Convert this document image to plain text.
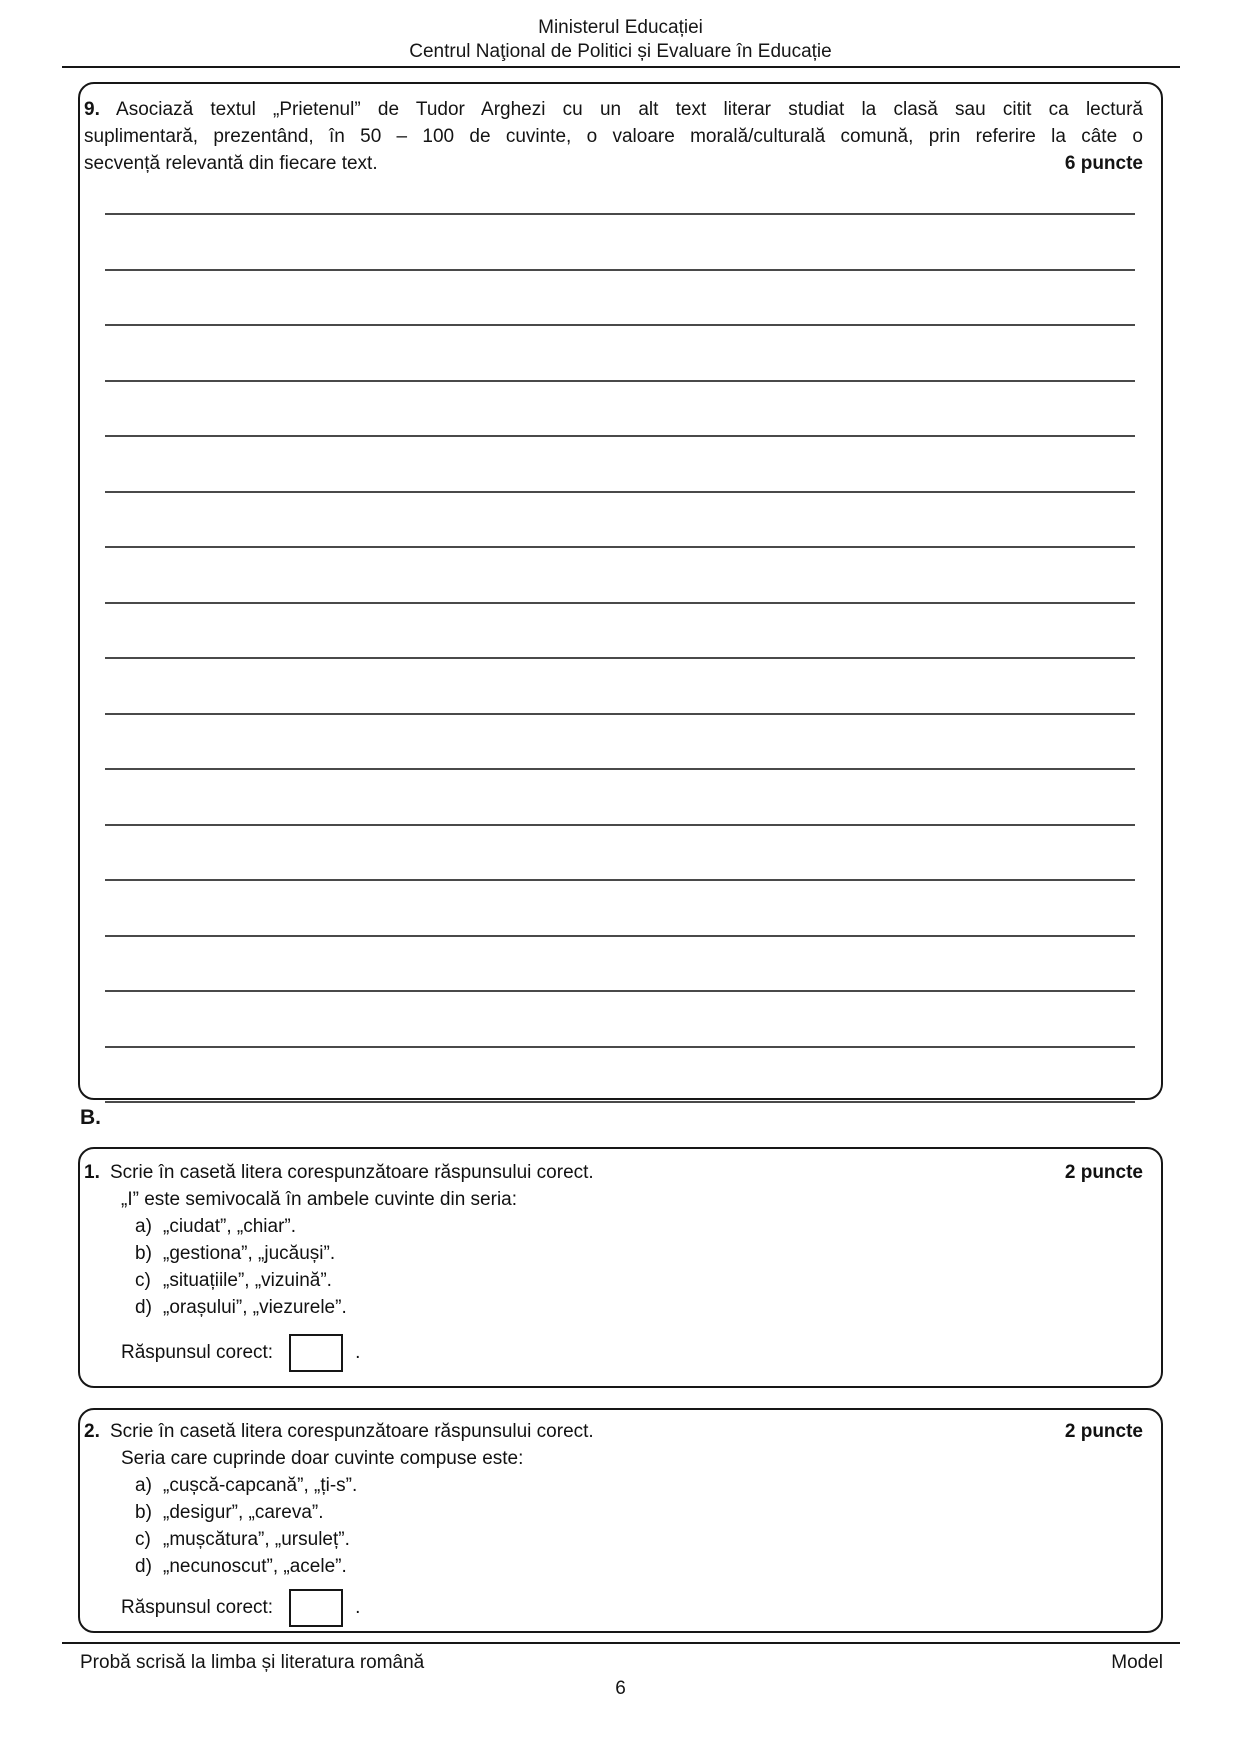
Ministerul Educației
Centrul Naţional de Politici și Evaluare în Educație
9. Asociază textul „Prietenul” de Tudor Arghezi cu un alt text literar studiat la clasă sau citit ca lectură
suplimentară, prezentând, în 50 – 100 de cuvinte, o valoare morală/culturală comună, prin referire la câte o
secvență relevantă din fiecare text.	6 puncte
B.
1. Scrie în casetă litera corespunzătoare răspunsului corect.	2 puncte
„I” este semivocală în ambele cuvinte din seria:
a) „ciudat”, „chiar”.
b) „gestiona”, „jucăuși”.
c) „situațiile”, „vizuină”.
d) „orașului”, „viezurele”.
Răspunsul corect:	.
2. Scrie în casetă litera corespunzătoare răspunsului corect.	2 puncte
Seria care cuprinde doar cuvinte compuse este:
a) „cușcă-capcană”, „ți-s”.
b) „desigur”, „careva”.
c) „mușcătura”, „ursuleț”.
d) „necunoscut”, „acele”.
Răspunsul corect:	.
Probă scrisă la limba și literatura română	Model
6
